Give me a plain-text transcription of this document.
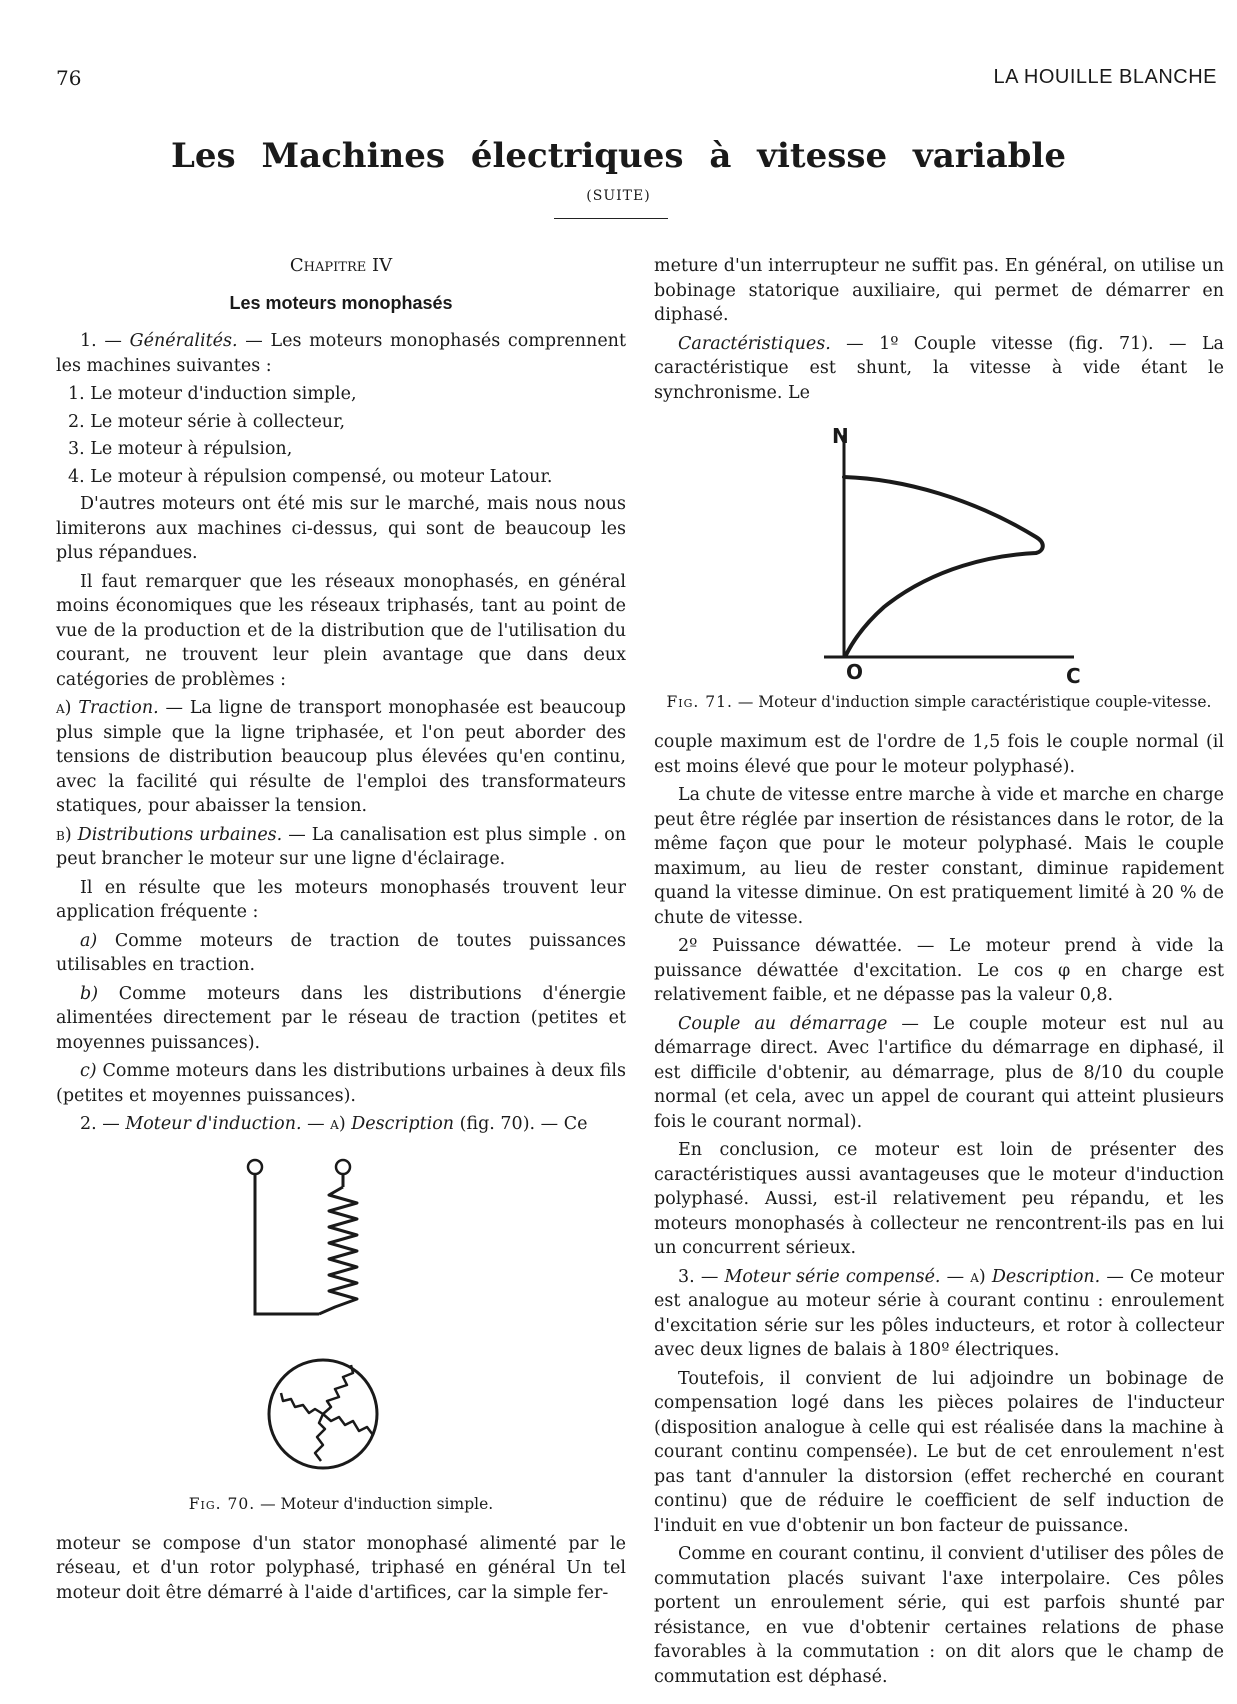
76	LA HOUILLE BLANCHE
Les Machines électriques à vitesse variable
(SUITE)

Chapitre IV

Les moteurs monophasés

1. — Généralités. — Les moteurs monophasés comprennent les machines suivantes :

1. Le moteur d'induction simple,

2. Le moteur série à collecteur,

3. Le moteur à répulsion,

4. Le moteur à répulsion compensé, ou moteur Latour.

D'autres moteurs ont été mis sur le marché, mais nous nous limiterons aux machines ci-dessus, qui sont de beaucoup les plus répandues.

Il faut remarquer que les réseaux monophasés, en général moins économiques que les réseaux triphasés, tant au point de vue de la production et de la distribution que de l'utilisation du courant, ne trouvent leur plein avantage que dans deux catégories de problèmes :

a) Traction. — La ligne de transport monophasée est beaucoup plus simple que la ligne triphasée, et l'on peut aborder des tensions de distribution beaucoup plus élevées qu'en continu, avec la facilité qui résulte de l'emploi des transformateurs statiques, pour abaisser la tension.

b) Distributions urbaines. — La canalisation est plus simple . on peut brancher le moteur sur une ligne d'éclairage.

Il en résulte que les moteurs monophasés trouvent leur application fréquente :

a) Comme moteurs de traction de toutes puissances utilisables en traction.

b) Comme moteurs dans les distributions d'énergie alimentées directement par le réseau de traction (petites et moyennes puissances).

c) Comme moteurs dans les distributions urbaines à deux fils (petites et moyennes puissances).

2. — Moteur d'induction. — a) Description (fig. 70). — Ce

Fig. 70. — Moteur d'induction simple.

moteur se compose d'un stator monophasé alimenté par le réseau, et d'un rotor polyphasé, triphasé en général Un tel moteur doit être démarré à l'aide d'artifices, car la simple fer-

meture d'un interrupteur ne suffit pas. En général, on utilise un bobinage statorique auxiliaire, qui permet de démarrer en diphasé.

Caractéristiques. — 1º Couple vitesse (fig. 71). — La caractéristique est shunt, la vitesse à vide étant le synchronisme. Le

N
O	C

Fig. 71. — Moteur d'induction simple caractéristique couple-vitesse.

couple maximum est de l'ordre de 1,5 fois le couple normal (il est moins élevé que pour le moteur polyphasé).

La chute de vitesse entre marche à vide et marche en charge peut être réglée par insertion de résistances dans le rotor, de la même façon que pour le moteur polyphasé. Mais le couple maximum, au lieu de rester constant, diminue rapidement quand la vitesse diminue. On est pratiquement limité à 20 % de chute de vitesse.

2º Puissance déwattée. — Le moteur prend à vide la puissance déwattée d'excitation. Le cos φ en charge est relativement faible, et ne dépasse pas la valeur 0,8.

Couple au démarrage — Le couple moteur est nul au démarrage direct. Avec l'artifice du démarrage en diphasé, il est difficile d'obtenir, au démarrage, plus de 8/10 du couple normal (et cela, avec un appel de courant qui atteint plusieurs fois le courant normal).

En conclusion, ce moteur est loin de présenter des caractéristiques aussi avantageuses que le moteur d'induction polyphasé. Aussi, est-il relativement peu répandu, et les moteurs monophasés à collecteur ne rencontrent-ils pas en lui un concurrent sérieux.

3. — Moteur série compensé. — a) Description. — Ce moteur est analogue au moteur série à courant continu : enroulement d'excitation série sur les pôles inducteurs, et rotor à collecteur avec deux lignes de balais à 180º électriques.

Toutefois, il convient de lui adjoindre un bobinage de compensation logé dans les pièces polaires de l'inducteur (disposition analogue à celle qui est réalisée dans la machine à courant continu compensée). Le but de cet enroulement n'est pas tant d'annuler la distorsion (effet recherché en courant continu) que de réduire le coefficient de self induction de l'induit en vue d'obtenir un bon facteur de puissance.

Comme en courant continu, il convient d'utiliser des pôles de commutation placés suivant l'axe interpolaire. Ces pôles portent un enroulement série, qui est parfois shunté par résistance, en vue d'obtenir certaines relations de phase favorables à la commutation : on dit alors que le champ de commutation est déphasé.
